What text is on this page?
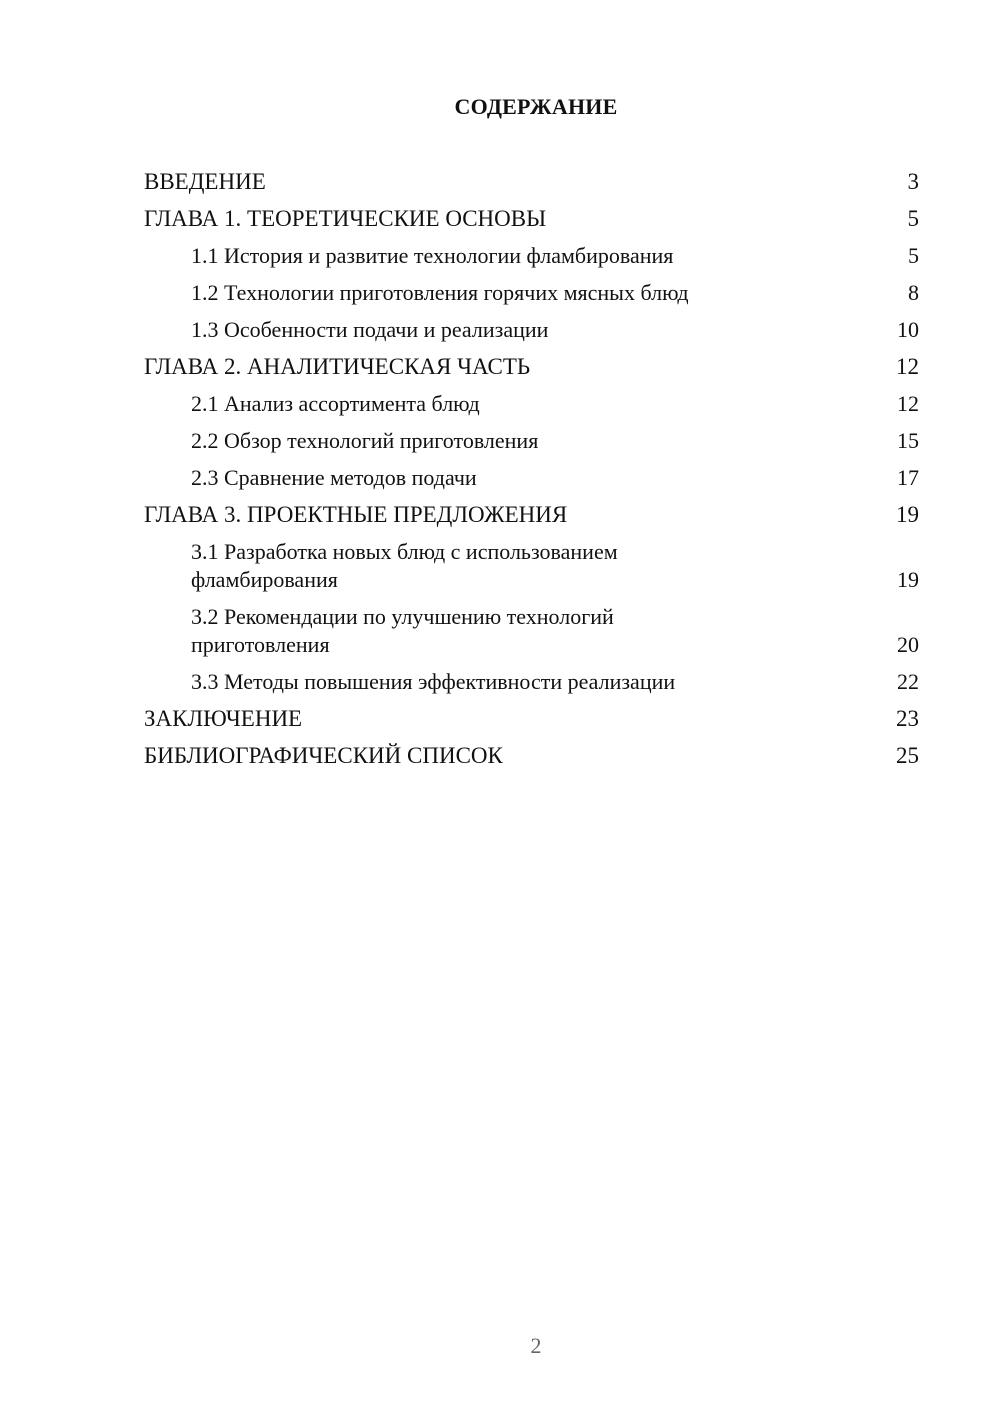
СОДЕРЖАНИЕ
ВВЕДЕНИЕ	3
ГЛАВА 1. ТЕОРЕТИЧЕСКИЕ ОСНОВЫ	5
1.1 История и развитие технологии фламбирования	5
1.2 Технологии приготовления горячих мясных блюд	8
1.3 Особенности подачи и реализации	10
ГЛАВА 2. АНАЛИТИЧЕСКАЯ ЧАСТЬ	12
2.1 Анализ ассортимента блюд	12
2.2 Обзор технологий приготовления	15
2.3 Сравнение методов подачи	17
ГЛАВА 3. ПРОЕКТНЫЕ ПРЕДЛОЖЕНИЯ	19
3.1 Разработка новых блюд с использованием фламбирования	19
3.2 Рекомендации по улучшению технологий приготовления	20
3.3 Методы повышения эффективности реализации	22
ЗАКЛЮЧЕНИЕ	23
БИБЛИОГРАФИЧЕСКИЙ СПИСОК	25
2
